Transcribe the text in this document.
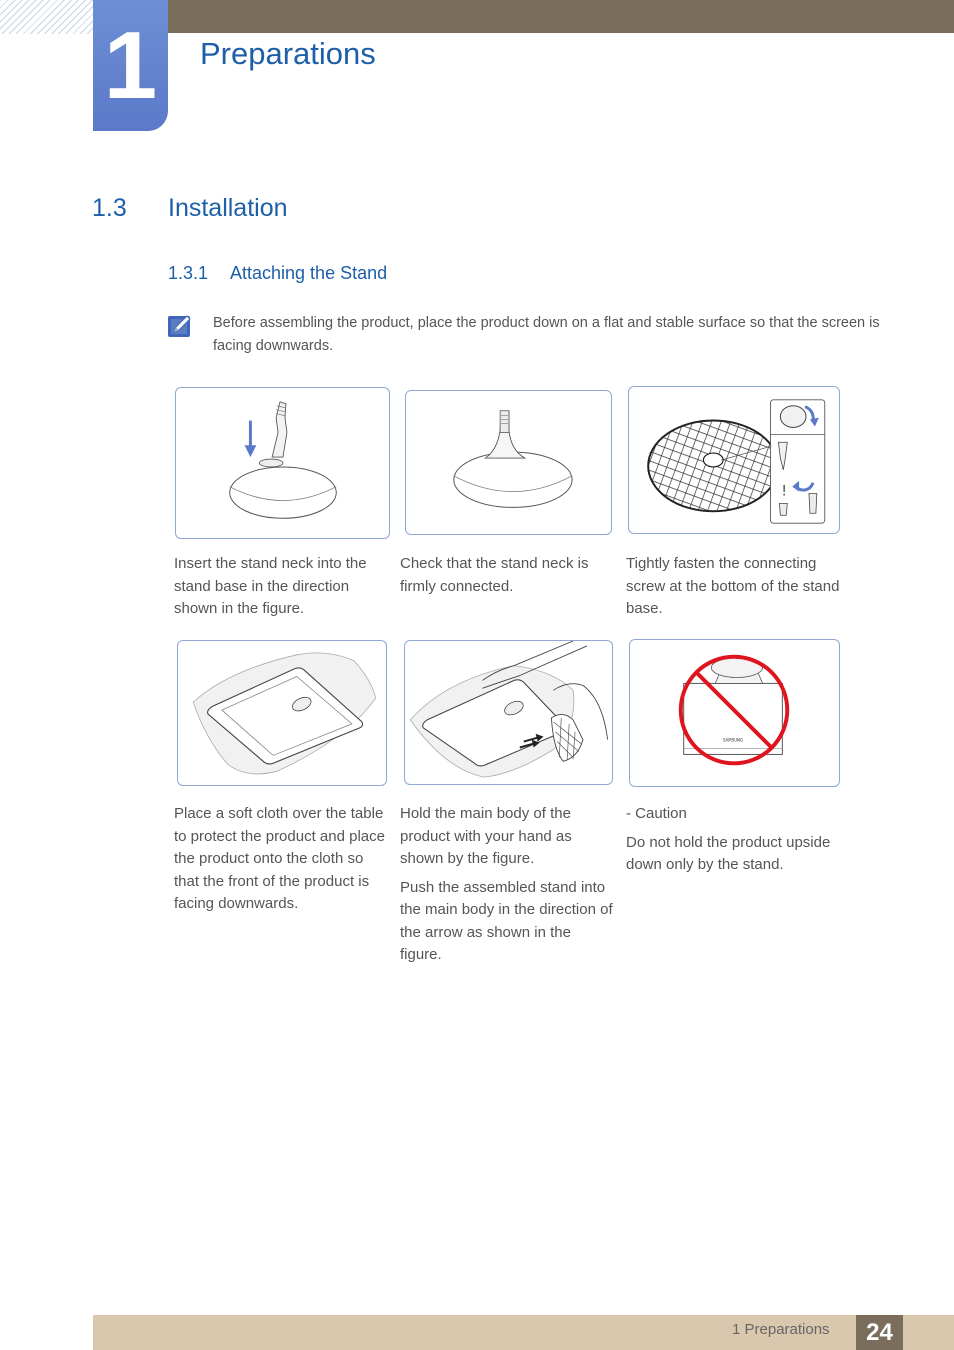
1	Preparations
1.3 Installation
1.3.1 Attaching the Stand
Before assembling the product, place the product down on a flat and stable surface so that the screen is facing downwards.
!
SAMSUNG

Insert the stand neck into the stand base in the direction shown in the figure.

Check that the stand neck is firmly connected.

Tightly fasten the connecting screw at the bottom of the stand base.

Place a soft cloth over the table to protect the product and place the product onto the cloth so that the front of the product is facing downwards.

Hold the main body of the product with your hand as shown by the figure.

Push the assembled stand into the main body in the direction of the arrow as shown in the figure.

- Caution

Do not hold the product upside down only by the stand.

1 Preparations	24
